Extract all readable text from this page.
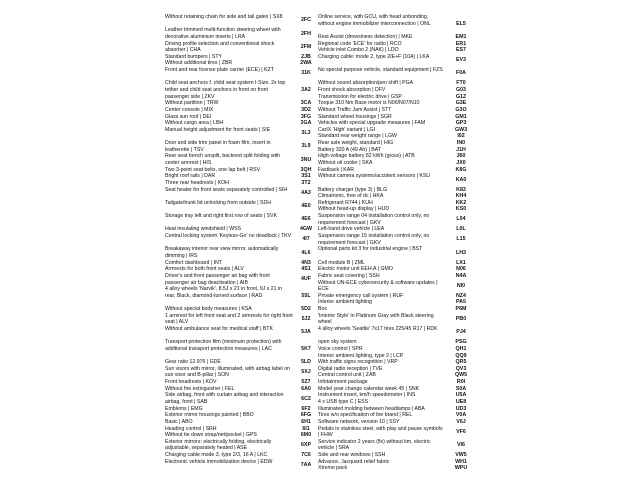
Without retaining chain for side and tail gates | SX8
Leather trimmed multi-function steering wheel with decorative aluminium inserts | LRA
Driving profile selection and conventional shock absorber | CHA
Standard bumpers | STY
Without additional tires | ZBR
Front and rear license plate carrier (ECE) | KZT
Child seat anchors f. child seat system I-Size, 2x top tether and child seat anchors in front on front passenger side | ZKV
Without partition | TRW
Center console | MIX
Glass sun roof | DEI
Without cargo area | LBH
Manual height adjustment for front seats | SIE
Door and side trim panel in foam film, insert in leatherette | TSV
Rear seat bench unsplit, backrest split folding with center armrest | HIS
Two 3-point seat belts, one lap belt | RSV
Bright roof rails | DAR
Three rear headrests | KOH
Seat heater for front seats separately controlled | SIH
Tailgate/trunk lid unlocking from outside | SDH
Storage tray left and right first row of seats | SVK
Heat insulating windshield | WSS
Central locking system 'Keyless-Go' no deadlock | TKV
Breakaway interior rear view mirror, automatically dimming | IRS
Comfort dashboard | INT
Armrests for both front seats | ALV
Driver's and front passenger air bag with front passenger air bag deactivation | AIB
4 alloy wheels 'Narvik', 8.5J x 21 in front, 9J x 21 in rear, Black, diamond-turned surface | RAD
Without special body measures | KSA
1 armrest for left front seat and 2 armrests for right front seat | ALV
Without ambulance seat for medical staff | BTK
Transport protection film (minimum protection) with additional transport protection measures | LAC
Gear ratio 12.976 | GDE
Sun visors with mirror, illuminated, with airbag label on sun visor and B-pillar | SON
Front headrests | KOV
Without fire extinguisher | FEL
Side airbag, front with curtain airbag and interaction airbag, front | SAB
Emblems | EMG
Exterior mirror housings painted | BBO
Basic | ABO
Heading control | SRH
Without tie down strap/net/pocket | GPS
Exterior mirrors: electrically folding, electrically adjustable, separately heated | ASE
Charging cable mode 3, type 2/3, 16 A | LKC
Electronic vehicle immobilization device | EDW
2FC
2FH
2FM
2JB
2WA
31K
3A2
3CA
3D2
3FG
3GA
3L3
3L9
3NU
3QH
3S1
3T2
4A3
4E0
4E6
4GW
4I7
4L6
4N3
4S1
4UF
55L
5D2
5J2
5JA
5K7
5LD
5XJ
5Z7
6A0
6C2
6F2
6FG
6H1
6I1
6M0
6XP
7C6
7AA
Online service, with GCU, with head unbonding, without engine immobilizer interconnection | ONL
Rest Assist (drowsiness detection) | MKE
Regional code 'ECE' for radio | RCO
Vehicle inlet Combo 2 (NAK) | LDO
Charging cable: mode 2, type 2/E+F (10A) | LKA
No special purpose vehicle, standard equipment | FZS
Without sound absorption/pen shift | PGA
Front shock absorption | DFV
Transmission for electric drive | GSP
Torque 310 Nm Base motor is N06/N07/N10
Without Traffic Jam Assist | STT
Standard wheel housings | SGR
Vehicles with special upgrade measures | FAM
CarIX 'High' variant | LGI
Standard rear weight range | LGW
Rear axle weight, standard | HIG
Battery 320 A (49 Ah) | BAT
High-voltage battery 82 kWh (gross) | ATB
Without oil cooler | SKA
Fastback | KAR
Without camera systems/accident sensors | KSU
Battery charger (type 3) | BLG
Climatronic, free of dc | HKA
Refrigerant R744 | KUH
Without head-up display | HUD
Suspension range 04 installation control only, no requirement forecast | GKV
Left-hand drive vehicle | LEA
Suspension range 15 installation control only, no requirement forecast | GKV
Optional parts kit 3 for industrial engine | BST
Cell module B | ZML
Electric motor unit EEH.A | GMO
Fabric seat covering | SSH
Without UN-ECE cybersecurity & software updates | ECE
Private emergency call system | RUF
Interior ambient lighting
Box
'Interior Style' in Platinum Gray with Black steering wheel
4 alloy wheels 'Seattle' 7x17 tires 225/45 R17 | RDK
open sky system
Voice control | SPR
Interior ambient lighting, type 2 | LCP
With traffic signs recognition | VRP
Digital radio reception | TVE
Central control unit | ZAB
Infotainment package
Model year change calendar week 45 | SNK
Instrument insert, km/h speedometer | INS
4 x USB type C | ESS
Illuminated molding between headlamps | ABA
Tires w/o specification of tire brand | REL
Software network, version 10 | SSY
Pedals in stainless steel, with play and pause symbols | FHW
Service indicator 2 years (flx) without km, electric vehicle | SRA
Side and rear windows | SSH
Advance, Jacquard relief fabric
Xtreme pack
EL5
EM1
ER1
ES7
EV3
F0A
FT0
G03
G1Z
G3E
G3O
GM1
GP3
GW3
I02
IN0
J1H
J60
JX0
K8G
KA0
K83
KH4
KK2
KS0
L04
L0L
L15
LH3
LX1
N06
N4A
NI0
NZ4
PA5
P6M
PB0
PJ4
PSG
QH1
QQ9
QR5
QV3
QW5
R0I
S0A
U5A
UE8
UD3
V0A
V6J
VF6
VI6
VW5
WH1
WPU
